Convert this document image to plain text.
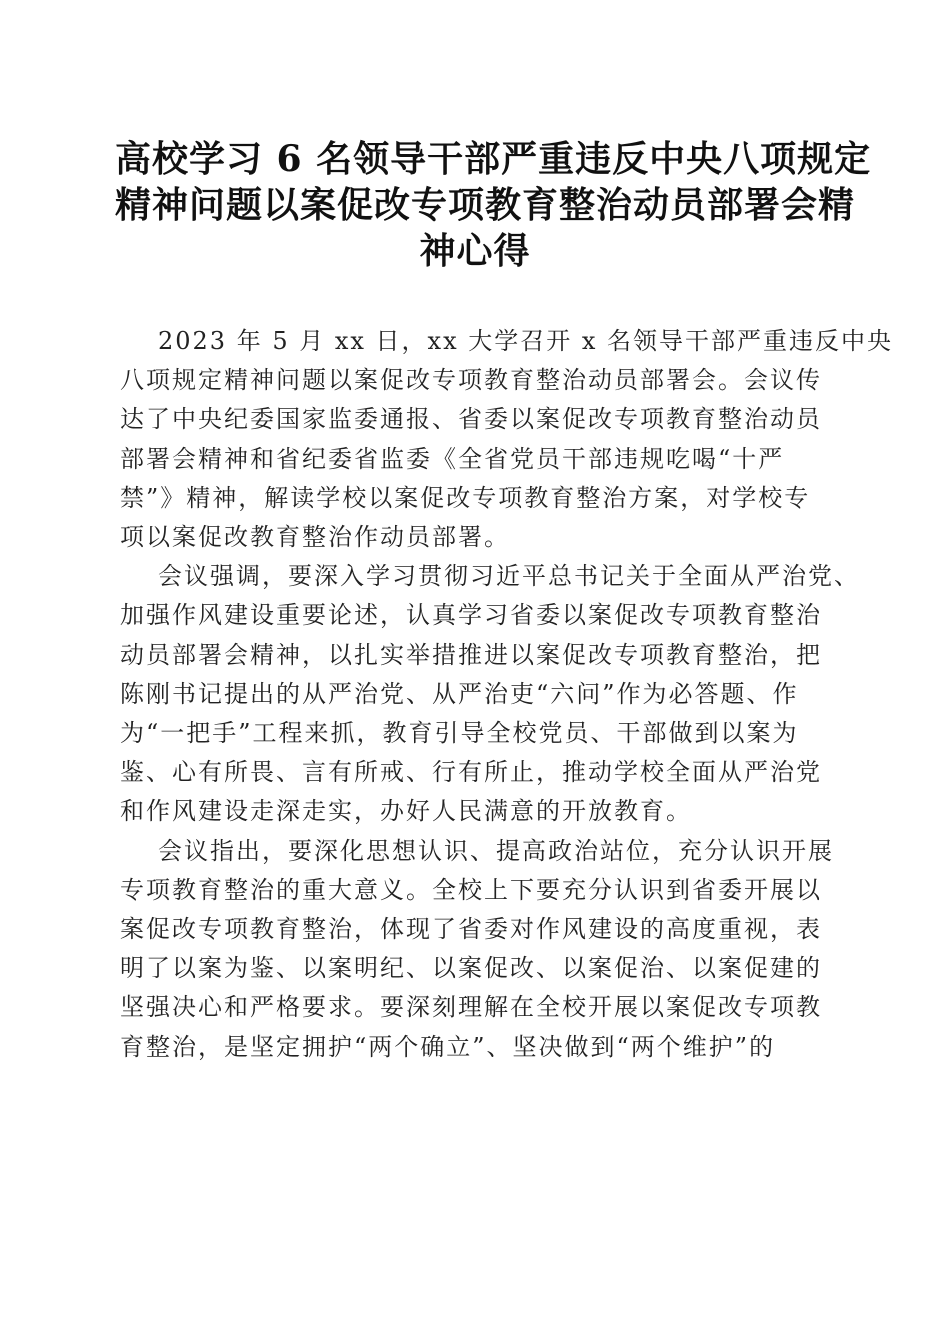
高校学习 6 名领导干部严重违反中央八项规定
精神问题以案促改专项教育整治动员部署会精
神心得

2023 年 5 月 xx 日，xx 大学召开 x 名领导干部严重违反中央
八项规定精神问题以案促改专项教育整治动员部署会。会议传
达了中央纪委国家监委通报、省委以案促改专项教育整治动员
部署会精神和省纪委省监委《全省党员干部违规吃喝“十严
禁”》精神，解读学校以案促改专项教育整治方案，对学校专
项以案促改教育整治作动员部署。

会议强调，要深入学习贯彻习近平总书记关于全面从严治党、
加强作风建设重要论述，认真学习省委以案促改专项教育整治
动员部署会精神，以扎实举措推进以案促改专项教育整治，把
陈刚书记提出的从严治党、从严治吏“六问”作为必答题、作
为“一把手”工程来抓，教育引导全校党员、干部做到以案为
鉴、心有所畏、言有所戒、行有所止，推动学校全面从严治党
和作风建设走深走实，办好人民满意的开放教育。

会议指出，要深化思想认识、提高政治站位，充分认识开展
专项教育整治的重大意义。全校上下要充分认识到省委开展以
案促改专项教育整治，体现了省委对作风建设的高度重视，表
明了以案为鉴、以案明纪、以案促改、以案促治、以案促建的
坚强决心和严格要求。要深刻理解在全校开展以案促改专项教
育整治，是坚定拥护“两个确立”、坚决做到“两个维护”的
